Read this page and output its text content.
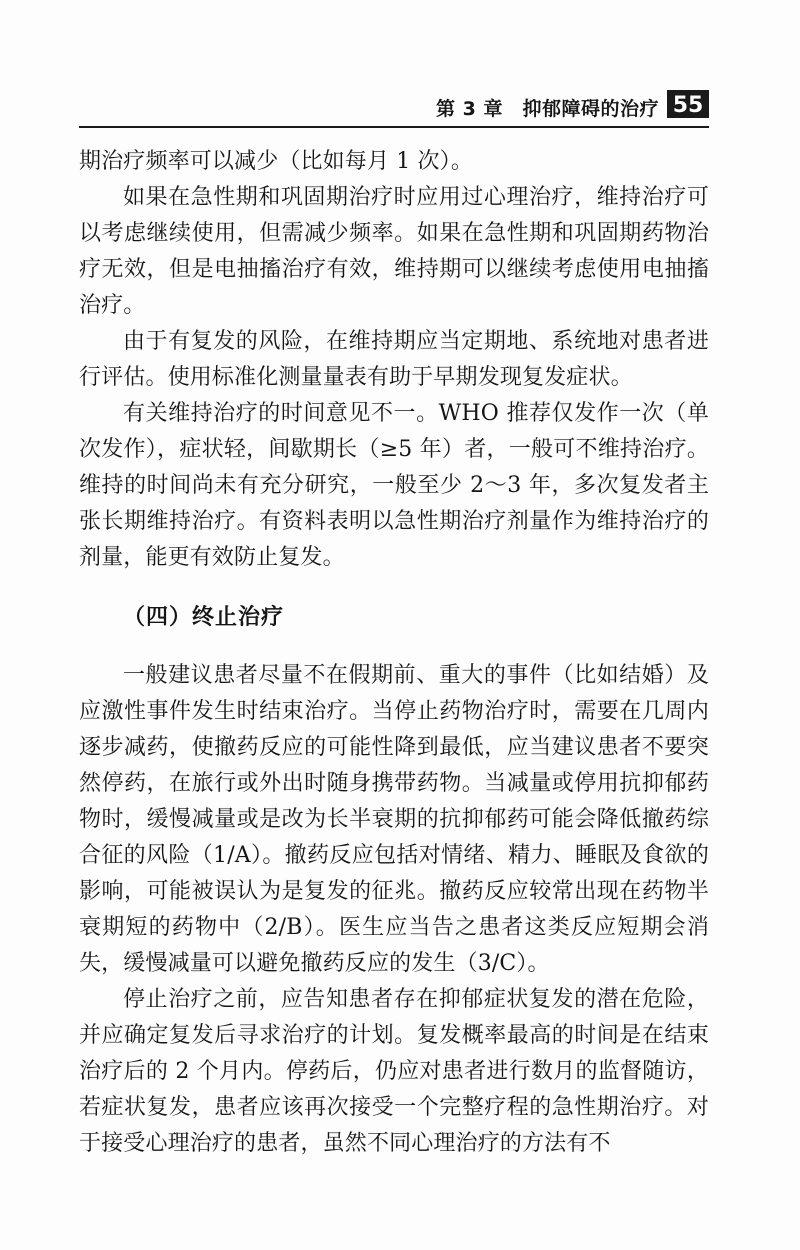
第 3 章　抑郁障碍的治疗 55

期治疗频率可以减少（比如每月 1 次）。

如果在急性期和巩固期治疗时应用过心理治疗，维持治疗可以考虑继续使用，但需减少频率。如果在急性期和巩固期药物治疗无效，但是电抽搐治疗有效，维持期可以继续考虑使用电抽搐治疗。

由于有复发的风险，在维持期应当定期地、系统地对患者进行评估。使用标准化测量量表有助于早期发现复发症状。

有关维持治疗的时间意见不一。WHO 推荐仅发作一次（单次发作），症状轻，间歇期长（≥5 年）者，一般可不维持治疗。维持的时间尚未有充分研究，一般至少 2～3 年，多次复发者主张长期维持治疗。有资料表明以急性期治疗剂量作为维持治疗的剂量，能更有效防止复发。

（四）终止治疗

一般建议患者尽量不在假期前、重大的事件（比如结婚）及应激性事件发生时结束治疗。当停止药物治疗时，需要在几周内逐步减药，使撤药反应的可能性降到最低，应当建议患者不要突然停药，在旅行或外出时随身携带药物。当减量或停用抗抑郁药物时，缓慢减量或是改为长半衰期的抗抑郁药可能会降低撤药综合征的风险（1/A）。撤药反应包括对情绪、精力、睡眠及食欲的影响，可能被误认为是复发的征兆。撤药反应较常出现在药物半衰期短的药物中（2/B）。医生应当告之患者这类反应短期会消失，缓慢减量可以避免撤药反应的发生（3/C）。

停止治疗之前，应告知患者存在抑郁症状复发的潜在危险，并应确定复发后寻求治疗的计划。复发概率最高的时间是在结束治疗后的 2 个月内。停药后，仍应对患者进行数月的监督随访，若症状复发，患者应该再次接受一个完整疗程的急性期治疗。对于接受心理治疗的患者，虽然不同心理治疗的方法有不
